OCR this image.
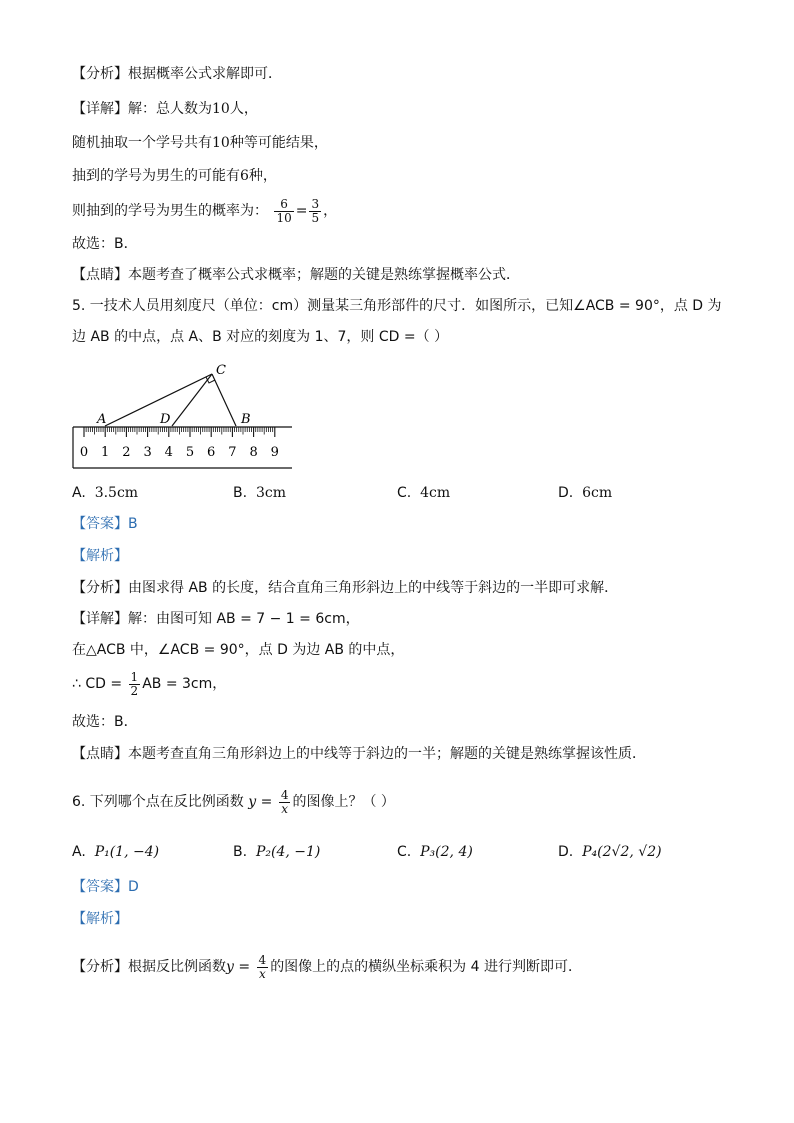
【分析】根据概率公式求解即可．
【详解】解：总人数为10人，
随机抽取一个学号共有10种等可能结果，
抽到的学号为男生的可能有6种，
则抽到的学号为男生的概率为： $\frac{6}{10} = \frac{3}{5}$ ，
故选：B．
【点睛】本题考查了概率公式求概率；解题的关键是熟练掌握概率公式．
5. 一技术人员用刻度尺（单位：cm）测量某三角形部件的尺寸．如图所示，已知∠ACB = 90°，点 D 为
边 AB 的中点，点 A、B 对应的刻度为 1、7，则 CD =（ ）
C
A	D	B
0 1 2 3 4 5 6 7 8 9
A. 3.5cm	B. 3cm	C. 4cm	D. 6cm
【答案】B
【解析】
【分析】由图求得 AB 的长度，结合直角三角形斜边上的中线等于斜边的一半即可求解．
【详解】解：由图可知 AB = 7 − 1 = 6cm，
在△ACB 中，∠ACB = 90°，点 D 为边 AB 的中点，
∴ CD = $\frac{1}{2}$ AB = 3cm，
故选：B．
【点睛】本题考查直角三角形斜边上的中线等于斜边的一半；解题的关键是熟练掌握该性质．
6. 下列哪个点在反比例函数 $y = \frac{4}{x}$ 的图像上？（ ）
A. P₁(1, −4)	B. P₂(4, −1)	C. P₃(2, 4)	D. P₄(2√2, √2)
【答案】D
【解析】
【分析】根据反比例函数$y = \frac{4}{x}$ 的图像上的点的横纵坐标乘积为 4 进行判断即可．
